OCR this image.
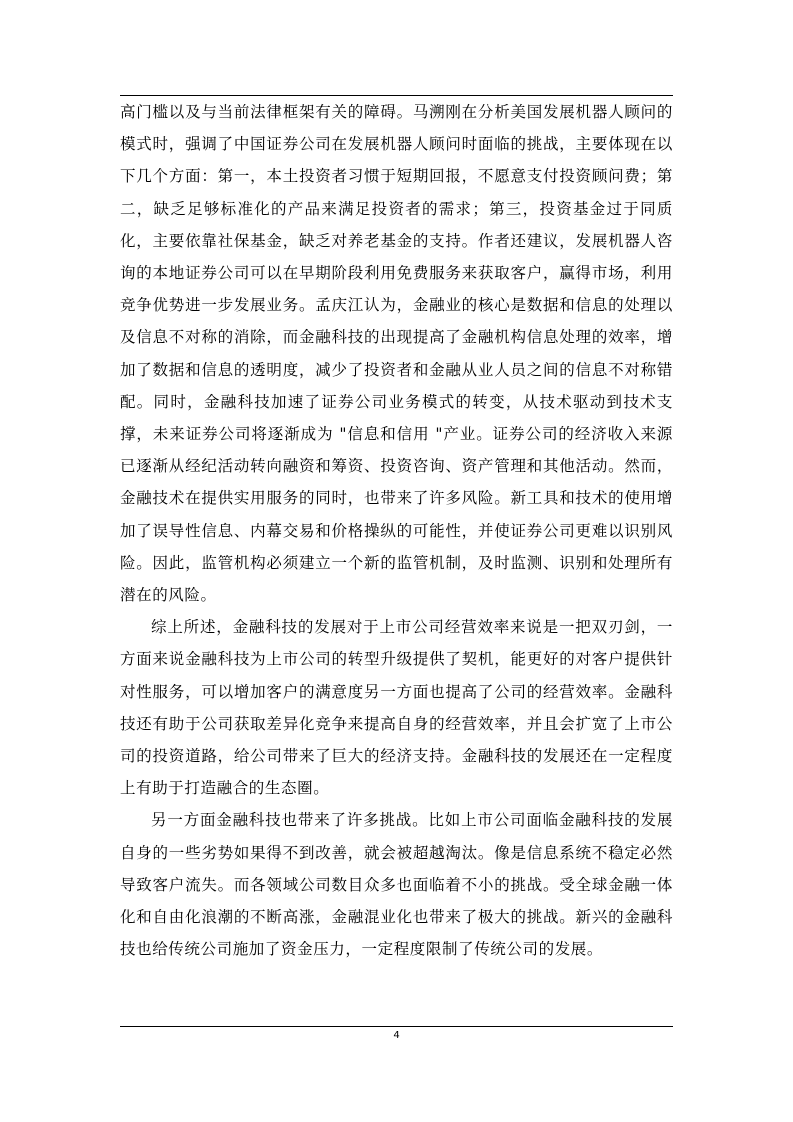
高门槛以及与当前法律框架有关的障碍。马溯刚在分析美国发展机器人顾问的模式时，强调了中国证券公司在发展机器人顾问时面临的挑战，主要体现在以下几个方面：第一，本土投资者习惯于短期回报，不愿意支付投资顾问费；第二，缺乏足够标准化的产品来满足投资者的需求；第三，投资基金过于同质化，主要依靠社保基金，缺乏对养老基金的支持。作者还建议，发展机器人咨询的本地证券公司可以在早期阶段利用免费服务来获取客户，赢得市场，利用竞争优势进一步发展业务。孟庆江认为，金融业的核心是数据和信息的处理以及信息不对称的消除，而金融科技的出现提高了金融机构信息处理的效率，增加了数据和信息的透明度，减少了投资者和金融从业人员之间的信息不对称错配。同时，金融科技加速了证券公司业务模式的转变，从技术驱动到技术支撑，未来证券公司将逐渐成为 "信息和信用 "产业。证券公司的经济收入来源已逐渐从经纪活动转向融资和筹资、投资咨询、资产管理和其他活动。然而，金融技术在提供实用服务的同时，也带来了许多风险。新工具和技术的使用增加了误导性信息、内幕交易和价格操纵的可能性，并使证券公司更难以识别风险。因此，监管机构必须建立一个新的监管机制，及时监测、识别和处理所有潜在的风险。

综上所述，金融科技的发展对于上市公司经营效率来说是一把双刃剑，一方面来说金融科技为上市公司的转型升级提供了契机，能更好的对客户提供针对性服务，可以增加客户的满意度另一方面也提高了公司的经营效率。金融科技还有助于公司获取差异化竞争来提高自身的经营效率，并且会扩宽了上市公司的投资道路，给公司带来了巨大的经济支持。金融科技的发展还在一定程度上有助于打造融合的生态圈。

另一方面金融科技也带来了许多挑战。比如上市公司面临金融科技的发展自身的一些劣势如果得不到改善，就会被超越淘汰。像是信息系统不稳定必然导致客户流失。而各领域公司数目众多也面临着不小的挑战。受全球金融一体化和自由化浪潮的不断高涨，金融混业化也带来了极大的挑战。新兴的金融科技也给传统公司施加了资金压力，一定程度限制了传统公司的发展。

4
